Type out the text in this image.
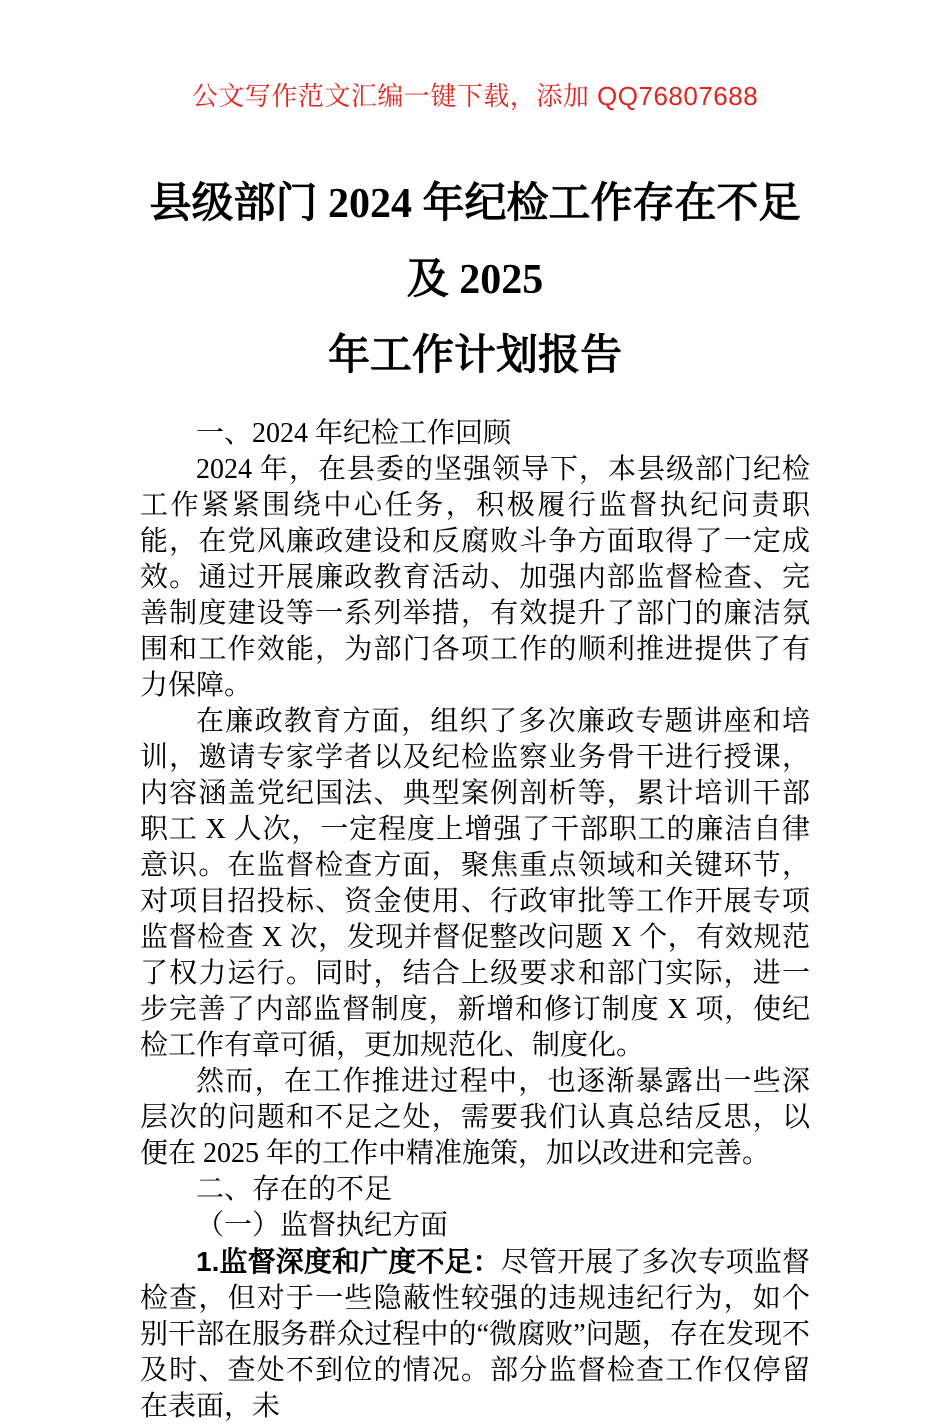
公文写作范文汇编一键下载，添加 QQ76807688
县级部门 2024 年纪检工作存在不足及 2025
年工作计划报告

一、2024 年纪检工作回顾

2024 年，在县委的坚强领导下，本县级部门纪检工作紧紧围绕中心任务，积极履行监督执纪问责职能，在党风廉政建设和反腐败斗争方面取得了一定成效。通过开展廉政教育活动、加强内部监督检查、完善制度建设等一系列举措，有效提升了部门的廉洁氛围和工作效能，为部门各项工作的顺利推进提供了有力保障。

在廉政教育方面，组织了多次廉政专题讲座和培训，邀请专家学者以及纪检监察业务骨干进行授课，内容涵盖党纪国法、典型案例剖析等，累计培训干部职工 X 人次，一定程度上增强了干部职工的廉洁自律意识。在监督检查方面，聚焦重点领域和关键环节，对项目招投标、资金使用、行政审批等工作开展专项监督检查 X 次，发现并督促整改问题 X 个，有效规范了权力运行。同时，结合上级要求和部门实际，进一步完善了内部监督制度，新增和修订制度 X 项，使纪检工作有章可循，更加规范化、制度化。

然而，在工作推进过程中，也逐渐暴露出一些深层次的问题和不足之处，需要我们认真总结反思，以便在 2025 年的工作中精准施策，加以改进和完善。

二、存在的不足

（一）监督执纪方面

1.监督深度和广度不足：尽管开展了多次专项监督检查，但对于一些隐蔽性较强的违规违纪行为，如个别干部在服务群众过程中的“微腐败”问题，存在发现不及时、查处不到位的情况。部分监督检查工作仅停留在表面，未
